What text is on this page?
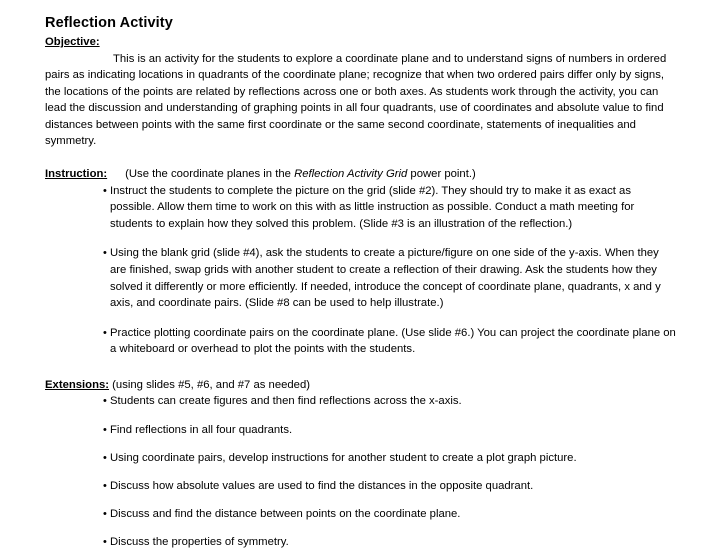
Reflection Activity
Objective:

This is an activity for the students to explore a coordinate plane and to understand signs of numbers in ordered pairs as indicating locations in quadrants of the coordinate plane; recognize that when two ordered pairs differ only by signs, the locations of the points are related by reflections across one or both axes. As students work through the activity, you can lead the discussion and understanding of graphing points in all four quadrants, use of coordinates and absolute value to find distances between points with the same first coordinate or the same second coordinate, statements of inequalities and symmetry.

Instruction: (Use the coordinate planes in the Reflection Activity Grid power point.)
• Instruct the students to complete the picture on the grid (slide #2). They should try to make it as exact as possible. Allow them time to work on this with as little instruction as possible. Conduct a math meeting for students to explain how they solved this problem. (Slide #3 is an illustration of the reflection.)
• Using the blank grid (slide #4), ask the students to create a picture/figure on one side of the y-axis. When they are finished, swap grids with another student to create a reflection of their drawing. Ask the students how they solved it differently or more efficiently. If needed, introduce the concept of coordinate plane, quadrants, x and y axis, and coordinate pairs. (Slide #8 can be used to help illustrate.)
• Practice plotting coordinate pairs on the coordinate plane. (Use slide #6.) You can project the coordinate plane on a whiteboard or overhead to plot the points with the students.
Extensions: (using slides #5, #6, and #7 as needed)
• Students can create figures and then find reflections across the x-axis.
• Find reflections in all four quadrants.
• Using coordinate pairs, develop instructions for another student to create a plot graph picture.
• Discuss how absolute values are used to find the distances in the opposite quadrant.
• Discuss and find the distance between points on the coordinate plane.
• Discuss the properties of symmetry.
